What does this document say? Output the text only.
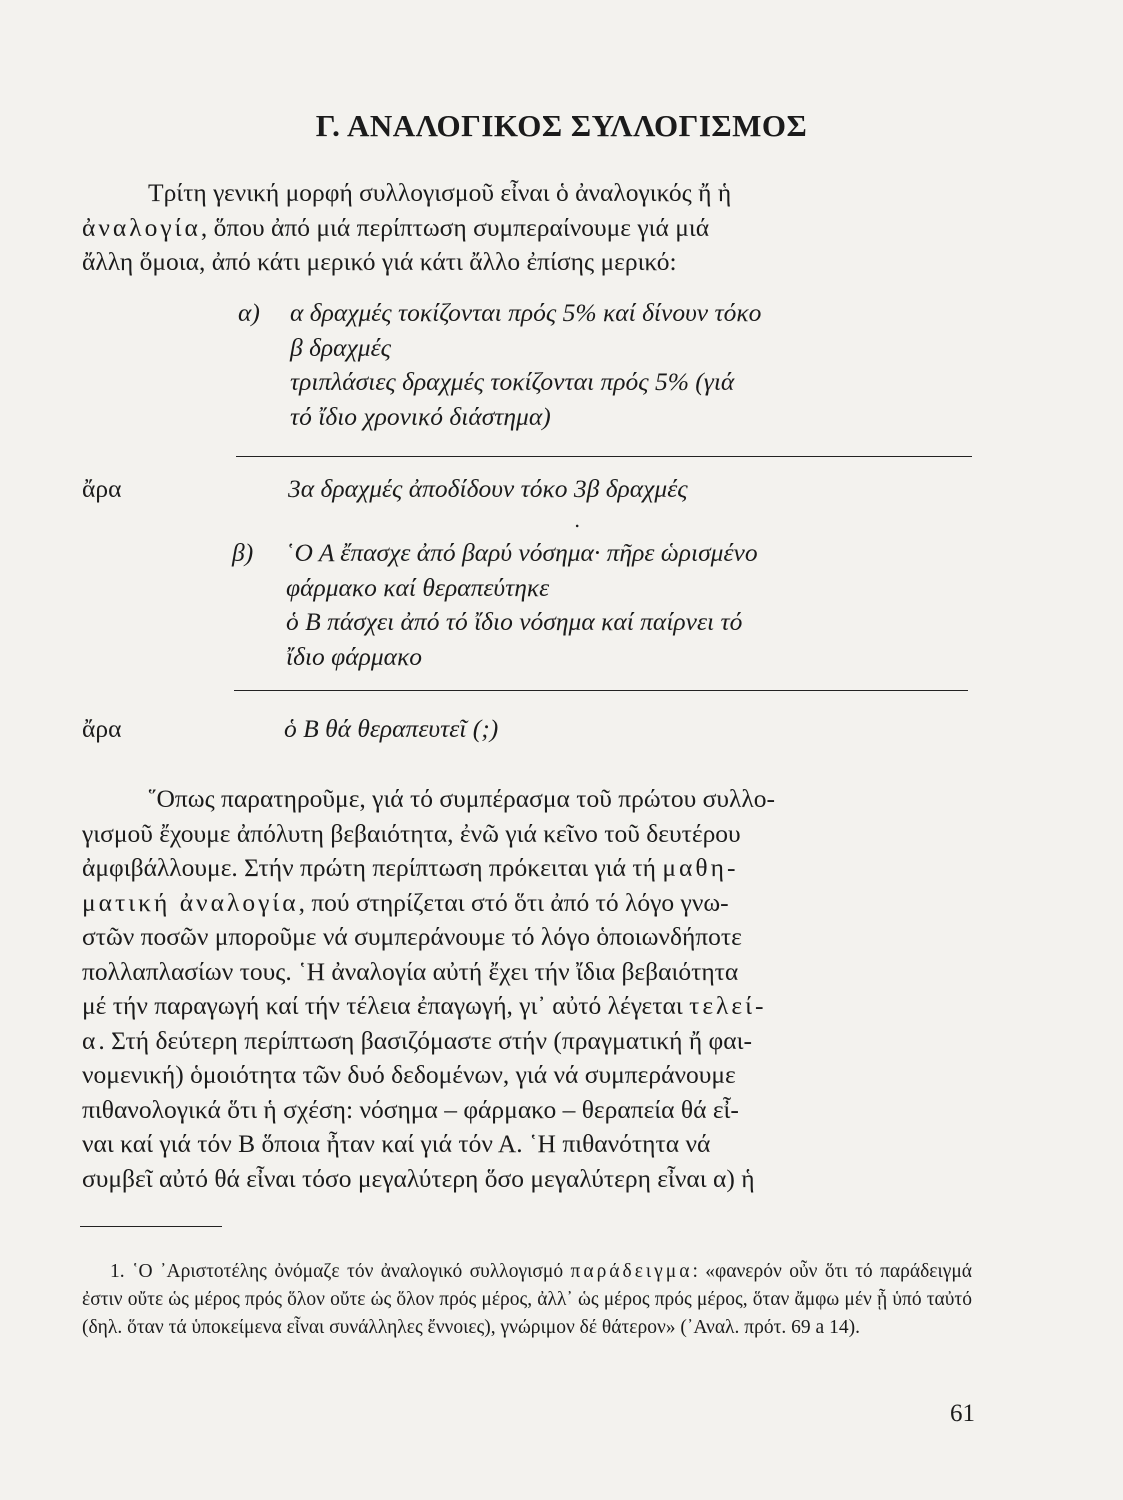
Γ. ΑΝΑΛΟΓΙΚΟΣ ΣΥΛΛΟΓΙΣΜΟΣ

Τρίτη γενική μορφή συλλογισμοῦ εἶναι ὁ ἀναλογικός ἤ ἡ

ἀναλογία, ὅπου ἀπό μιά περίπτωση συμπεραίνουμε γιά μιά

ἄλλη ὅμοια, ἀπό κάτι μερικό γιά κάτι ἄλλο ἐπίσης μερικό:

α) α δραχμές τοκίζονται πρός 5% καί δίνουν τόκο
β δραχμές
τριπλάσιες δραχμές τοκίζονται πρός 5% (γιά
τό ἴδιο χρονικό διάστημα)
ἄρα	3α δραχμές ἀποδίδουν τόκο 3β δραχμές
.
β) ῾Ο Α ἔπασχε ἀπό βαρύ νόσημα· πῆρε ὡρισμένο
φάρμακο καί θεραπεύτηκε
ὁ Β πάσχει ἀπό τό ἴδιο νόσημα καί παίρνει τό
ἴδιο φάρμακο
ἄρα	ὁ Β θά θεραπευτεῖ (;)

῞Οπως παρατηροῦμε, γιά τό συμπέρασμα τοῦ πρώτου συλλο-

γισμοῦ ἔχουμε ἀπόλυτη βεβαιότητα, ἐνῶ γιά κεῖνο τοῦ δευτέρου

ἀμφιβάλλουμε. Στήν πρώτη περίπτωση πρόκειται γιά τή μαθη-

ματική ἀναλογία, πού στηρίζεται στό ὅτι ἀπό τό λόγο γνω-

στῶν ποσῶν μποροῦμε νά συμπεράνουμε τό λόγο ὁποιωνδήποτε

πολλαπλασίων τους. ῾Η ἀναλογία αὐτή ἔχει τήν ἴδια βεβαιότητα

μέ τήν παραγωγή καί τήν τέλεια ἐπαγωγή, γι᾿ αὐτό λέγεται τελεί-

α. Στή δεύτερη περίπτωση βασιζόμαστε στήν (πραγματική ἤ φαι-

νομενική) ὁμοιότητα τῶν δυό δεδομένων, γιά νά συμπεράνουμε

πιθανολογικά ὅτι ἡ σχέση: νόσημα – φάρμακο – θεραπεία θά εἶ-

ναι καί γιά τόν Β ὅποια ἦταν καί γιά τόν Α. ῾Η πιθανότητα νά

συμβεῖ αὐτό θά εἶναι τόσο μεγαλύτερη ὅσο μεγαλύτερη εἶναι α) ἡ

1. ῾Ο ᾿Αριστοτέλης ὀνόμαζε τόν ἀναλογικό συλλογισμό παράδειγμα: «φανερόν οὖν ὅτι τό παράδειγμά ἐστιν οὔτε ὡς μέρος πρός ὅλον οὔτε ὡς ὅλον πρός μέρος, ἀλλ᾿ ὡς μέρος πρός μέρος, ὅταν ἄμφω μέν ᾖ ὑπό ταὐτό (δηλ. ὅταν τά ὑποκείμενα εἶναι συνάλληλες ἔννοιες), γνώριμον δέ θάτερον» (᾿Αναλ. πρότ. 69 a 14).

61
